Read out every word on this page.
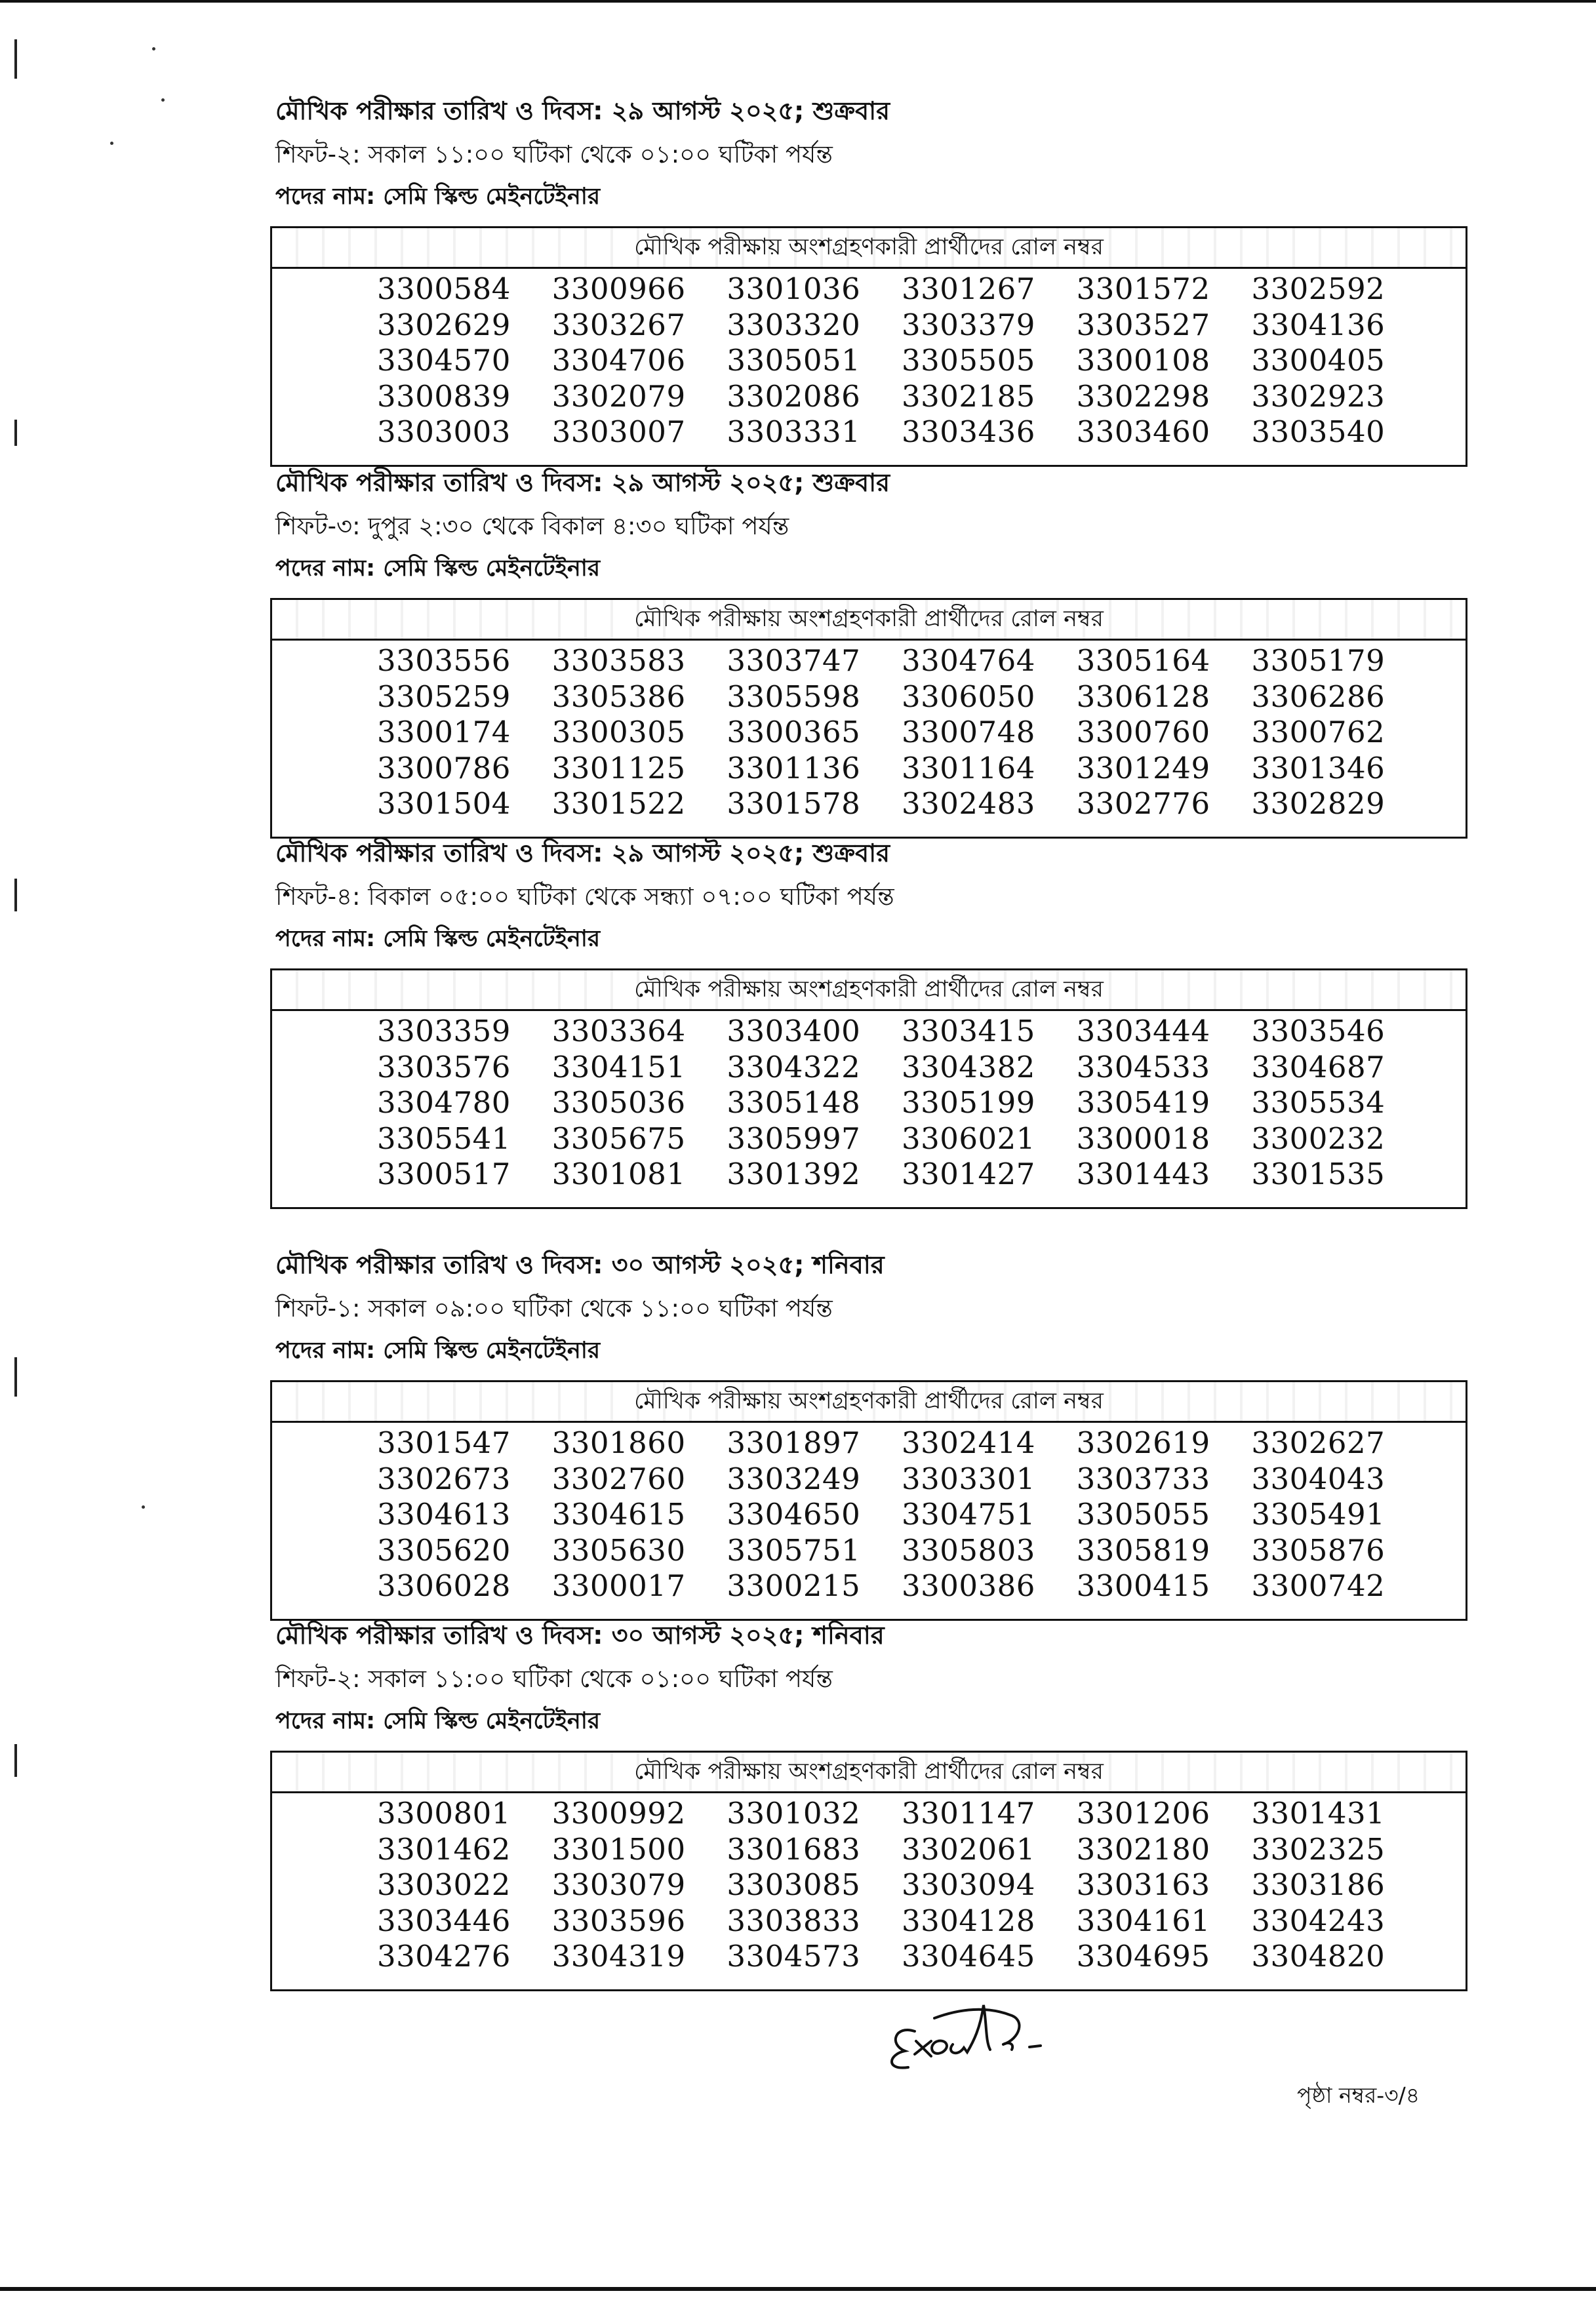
মৌখিক পরীক্ষার তারিখ ও দিবস: ২৯ আগস্ট ২০২৫; শুক্রবার
শিফট-২: সকাল ১১:০০ ঘটিকা থেকে ০১:০০ ঘটিকা পর্যন্ত
পদের নাম: সেমি স্কিল্ড মেইনটেইনার
মৌখিক পরীক্ষায় অংশগ্রহণকারী প্রার্থীদের রোল নম্বর
3300584	3300966	3301036	3301267	3301572	3302592
3302629	3303267	3303320	3303379	3303527	3304136
3304570	3304706	3305051	3305505	3300108	3300405
3300839	3302079	3302086	3302185	3302298	3302923
3303003	3303007	3303331	3303436	3303460	3303540
মৌখিক পরীক্ষার তারিখ ও দিবস: ২৯ আগস্ট ২০২৫; শুক্রবার
শিফট-৩: দুপুর ২:৩০ থেকে বিকাল ৪:৩০ ঘটিকা পর্যন্ত
পদের নাম: সেমি স্কিল্ড মেইনটেইনার
মৌখিক পরীক্ষায় অংশগ্রহণকারী প্রার্থীদের রোল নম্বর
3303556	3303583	3303747	3304764	3305164	3305179
3305259	3305386	3305598	3306050	3306128	3306286
3300174	3300305	3300365	3300748	3300760	3300762
3300786	3301125	3301136	3301164	3301249	3301346
3301504	3301522	3301578	3302483	3302776	3302829
মৌখিক পরীক্ষার তারিখ ও দিবস: ২৯ আগস্ট ২০২৫; শুক্রবার
শিফট-৪: বিকাল ০৫:০০ ঘটিকা থেকে সন্ধ্যা ০৭:০০ ঘটিকা পর্যন্ত
পদের নাম: সেমি স্কিল্ড মেইনটেইনার
মৌখিক পরীক্ষায় অংশগ্রহণকারী প্রার্থীদের রোল নম্বর
3303359	3303364	3303400	3303415	3303444	3303546
3303576	3304151	3304322	3304382	3304533	3304687
3304780	3305036	3305148	3305199	3305419	3305534
3305541	3305675	3305997	3306021	3300018	3300232
3300517	3301081	3301392	3301427	3301443	3301535
মৌখিক পরীক্ষার তারিখ ও দিবস: ৩০ আগস্ট ২০২৫; শনিবার
শিফট-১: সকাল ০৯:০০ ঘটিকা থেকে ১১:০০ ঘটিকা পর্যন্ত
পদের নাম: সেমি স্কিল্ড মেইনটেইনার
মৌখিক পরীক্ষায় অংশগ্রহণকারী প্রার্থীদের রোল নম্বর
3301547	3301860	3301897	3302414	3302619	3302627
3302673	3302760	3303249	3303301	3303733	3304043
3304613	3304615	3304650	3304751	3305055	3305491
3305620	3305630	3305751	3305803	3305819	3305876
3306028	3300017	3300215	3300386	3300415	3300742
মৌখিক পরীক্ষার তারিখ ও দিবস: ৩০ আগস্ট ২০২৫; শনিবার
শিফট-২: সকাল ১১:০০ ঘটিকা থেকে ০১:০০ ঘটিকা পর্যন্ত
পদের নাম: সেমি স্কিল্ড মেইনটেইনার
মৌখিক পরীক্ষায় অংশগ্রহণকারী প্রার্থীদের রোল নম্বর
3300801	3300992	3301032	3301147	3301206	3301431
3301462	3301500	3301683	3302061	3302180	3302325
3303022	3303079	3303085	3303094	3303163	3303186
3303446	3303596	3303833	3304128	3304161	3304243
3304276	3304319	3304573	3304645	3304695	3304820
পৃষ্ঠা নম্বর-৩/৪
